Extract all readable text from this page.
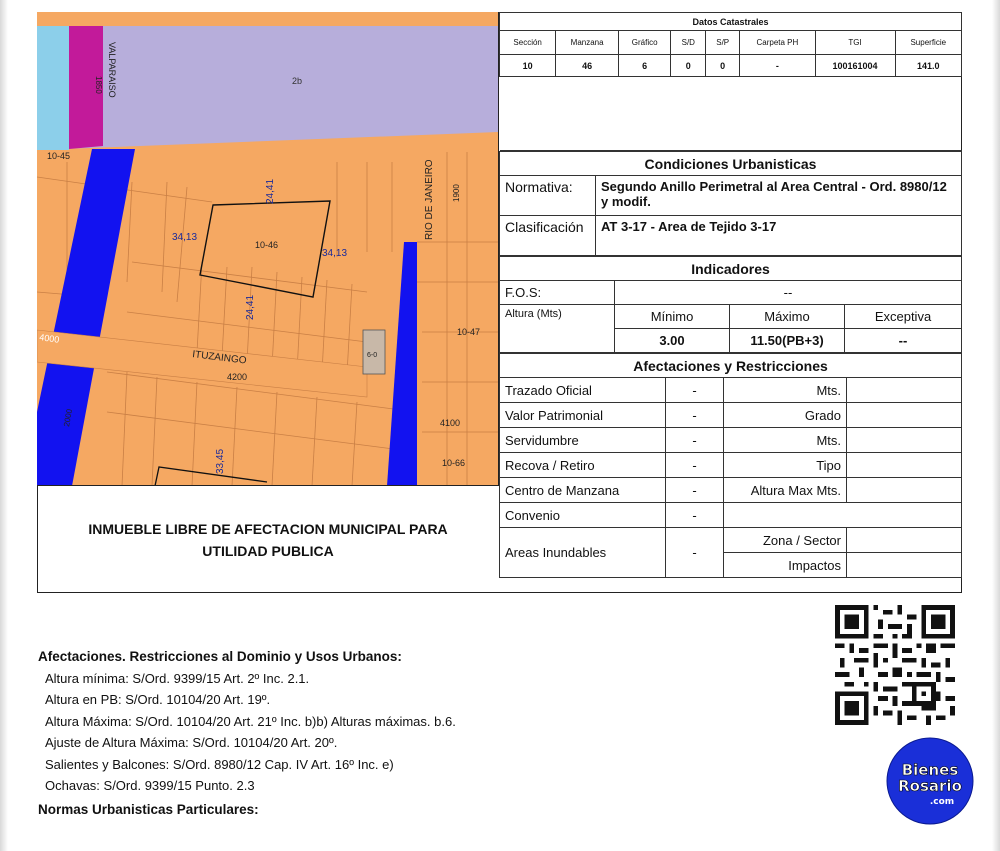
VALPARAISO
1850	2b
10-45
RIO DE JANEIRO 1900
24,41
34,13
10-46
34,13
24,41
10-47
4000
ITUZAINGO
4200
2000	4100
33,45	10-66
6-0
INMUEBLE LIBRE DE AFECTACION MUNICIPAL PARA UTILIDAD PUBLICA
Datos Catastrales							
Sección	Manzana	Gráfico	S/D	S/P	Carpeta PH	TGI	Superficie
10	46	6	0	0	-	100161004	141.0

Condiciones Urbanisticas	
Normativa:	Segundo Anillo Perimetral al Area Central - Ord. 8980/12 y modif.
Clasificación	AT 3-17 - Area de Tejido 3-17
Indicadores			
F.O.S:	--		
Altura (Mts)	Mínimo	Máximo	Exceptiva
	3.00	11.50(PB+3)	--
Afectaciones y Restricciones			
Trazado Oficial	-	Mts.	
Valor Patrimonial	-	Grado	
Servidumbre	-	Mts.	
Recova / Retiro	-	Tipo	
Centro de Manzana	-	Altura Max Mts.	
Convenio	-		
Areas Inundables	-	Zona / Sector	
		Impactos	
Bienes
Rosario
.com
Afectaciones. Restricciones al Dominio y Usos Urbanos:
Altura mínima: S/Ord. 9399/15 Art. 2º Inc. 2.1.
Altura en PB: S/Ord. 10104/20 Art. 19º.
Altura Máxima: S/Ord. 10104/20 Art. 21º Inc. b)b) Alturas máximas. b.6.
Ajuste de Altura Máxima: S/Ord. 10104/20 Art. 20º.
Salientes y Balcones: S/Ord. 8980/12 Cap. IV Art. 16º Inc. e)
Ochavas: S/Ord. 9399/15 Punto. 2.3
Normas Urbanisticas Particulares:
